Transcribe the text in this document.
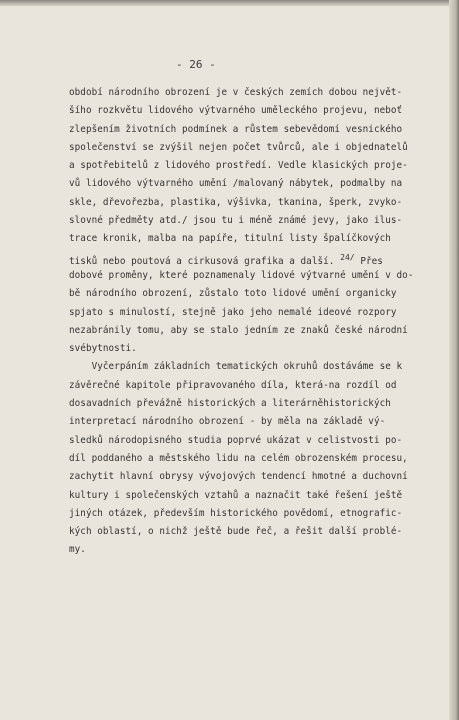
- 26 -
období národního obrození je v českých zemích dobou největ-
šího rozkvětu lidového výtvarného uměleckého projevu, neboť
zlepšením životních podmínek a růstem sebevědomí vesnického
společenství se zvýšil nejen počet tvůrců, ale i objednatelů
a spotřebitelů z lidového prostředí. Vedle klasických proje-
vů lidového výtvarného umění /malovaný nábytek, podmalby na
skle, dřevořezba, plastika, výšivka, tkanina, šperk, zvyko-
slovné předměty atd./ jsou tu i méně známé jevy, jako ilus-
trace kronik, malba na papíře, titulní listy špalíčkových
tisků nebo poutová a cirkusová grafika a další. 24/ Přes
dobové proměny, které poznamenaly lidové výtvarné umění v do-
bě národního obrození, zůstalo toto lidové umění organicky
spjato s minulostí, stejně jako jeho nemalé ideové rozpory
nezabránily tomu, aby se stalo jedním ze znaků české národní
svébytnosti.
Vyčerpáním základních tematických okruhů dostáváme se k
závěrečné kapitole připravovaného díla, která-na rozdíl od
dosavadních převážně historických a literárněhistorických
interpretací národního obrození - by měla na základě vý-
sledků národopisného studia poprvé ukázat v celistvosti po-
díl poddaného a městského lidu na celém obrozenském procesu,
zachytit hlavní obrysy vývojových tendencí hmotné a duchovní
kultury i společenských vztahů a naznačit také řešení ještě
jiných otázek, především historického povědomí, etnografic-
kých oblastí, o nichž ještě bude řeč, a řešit další problé-
my.
